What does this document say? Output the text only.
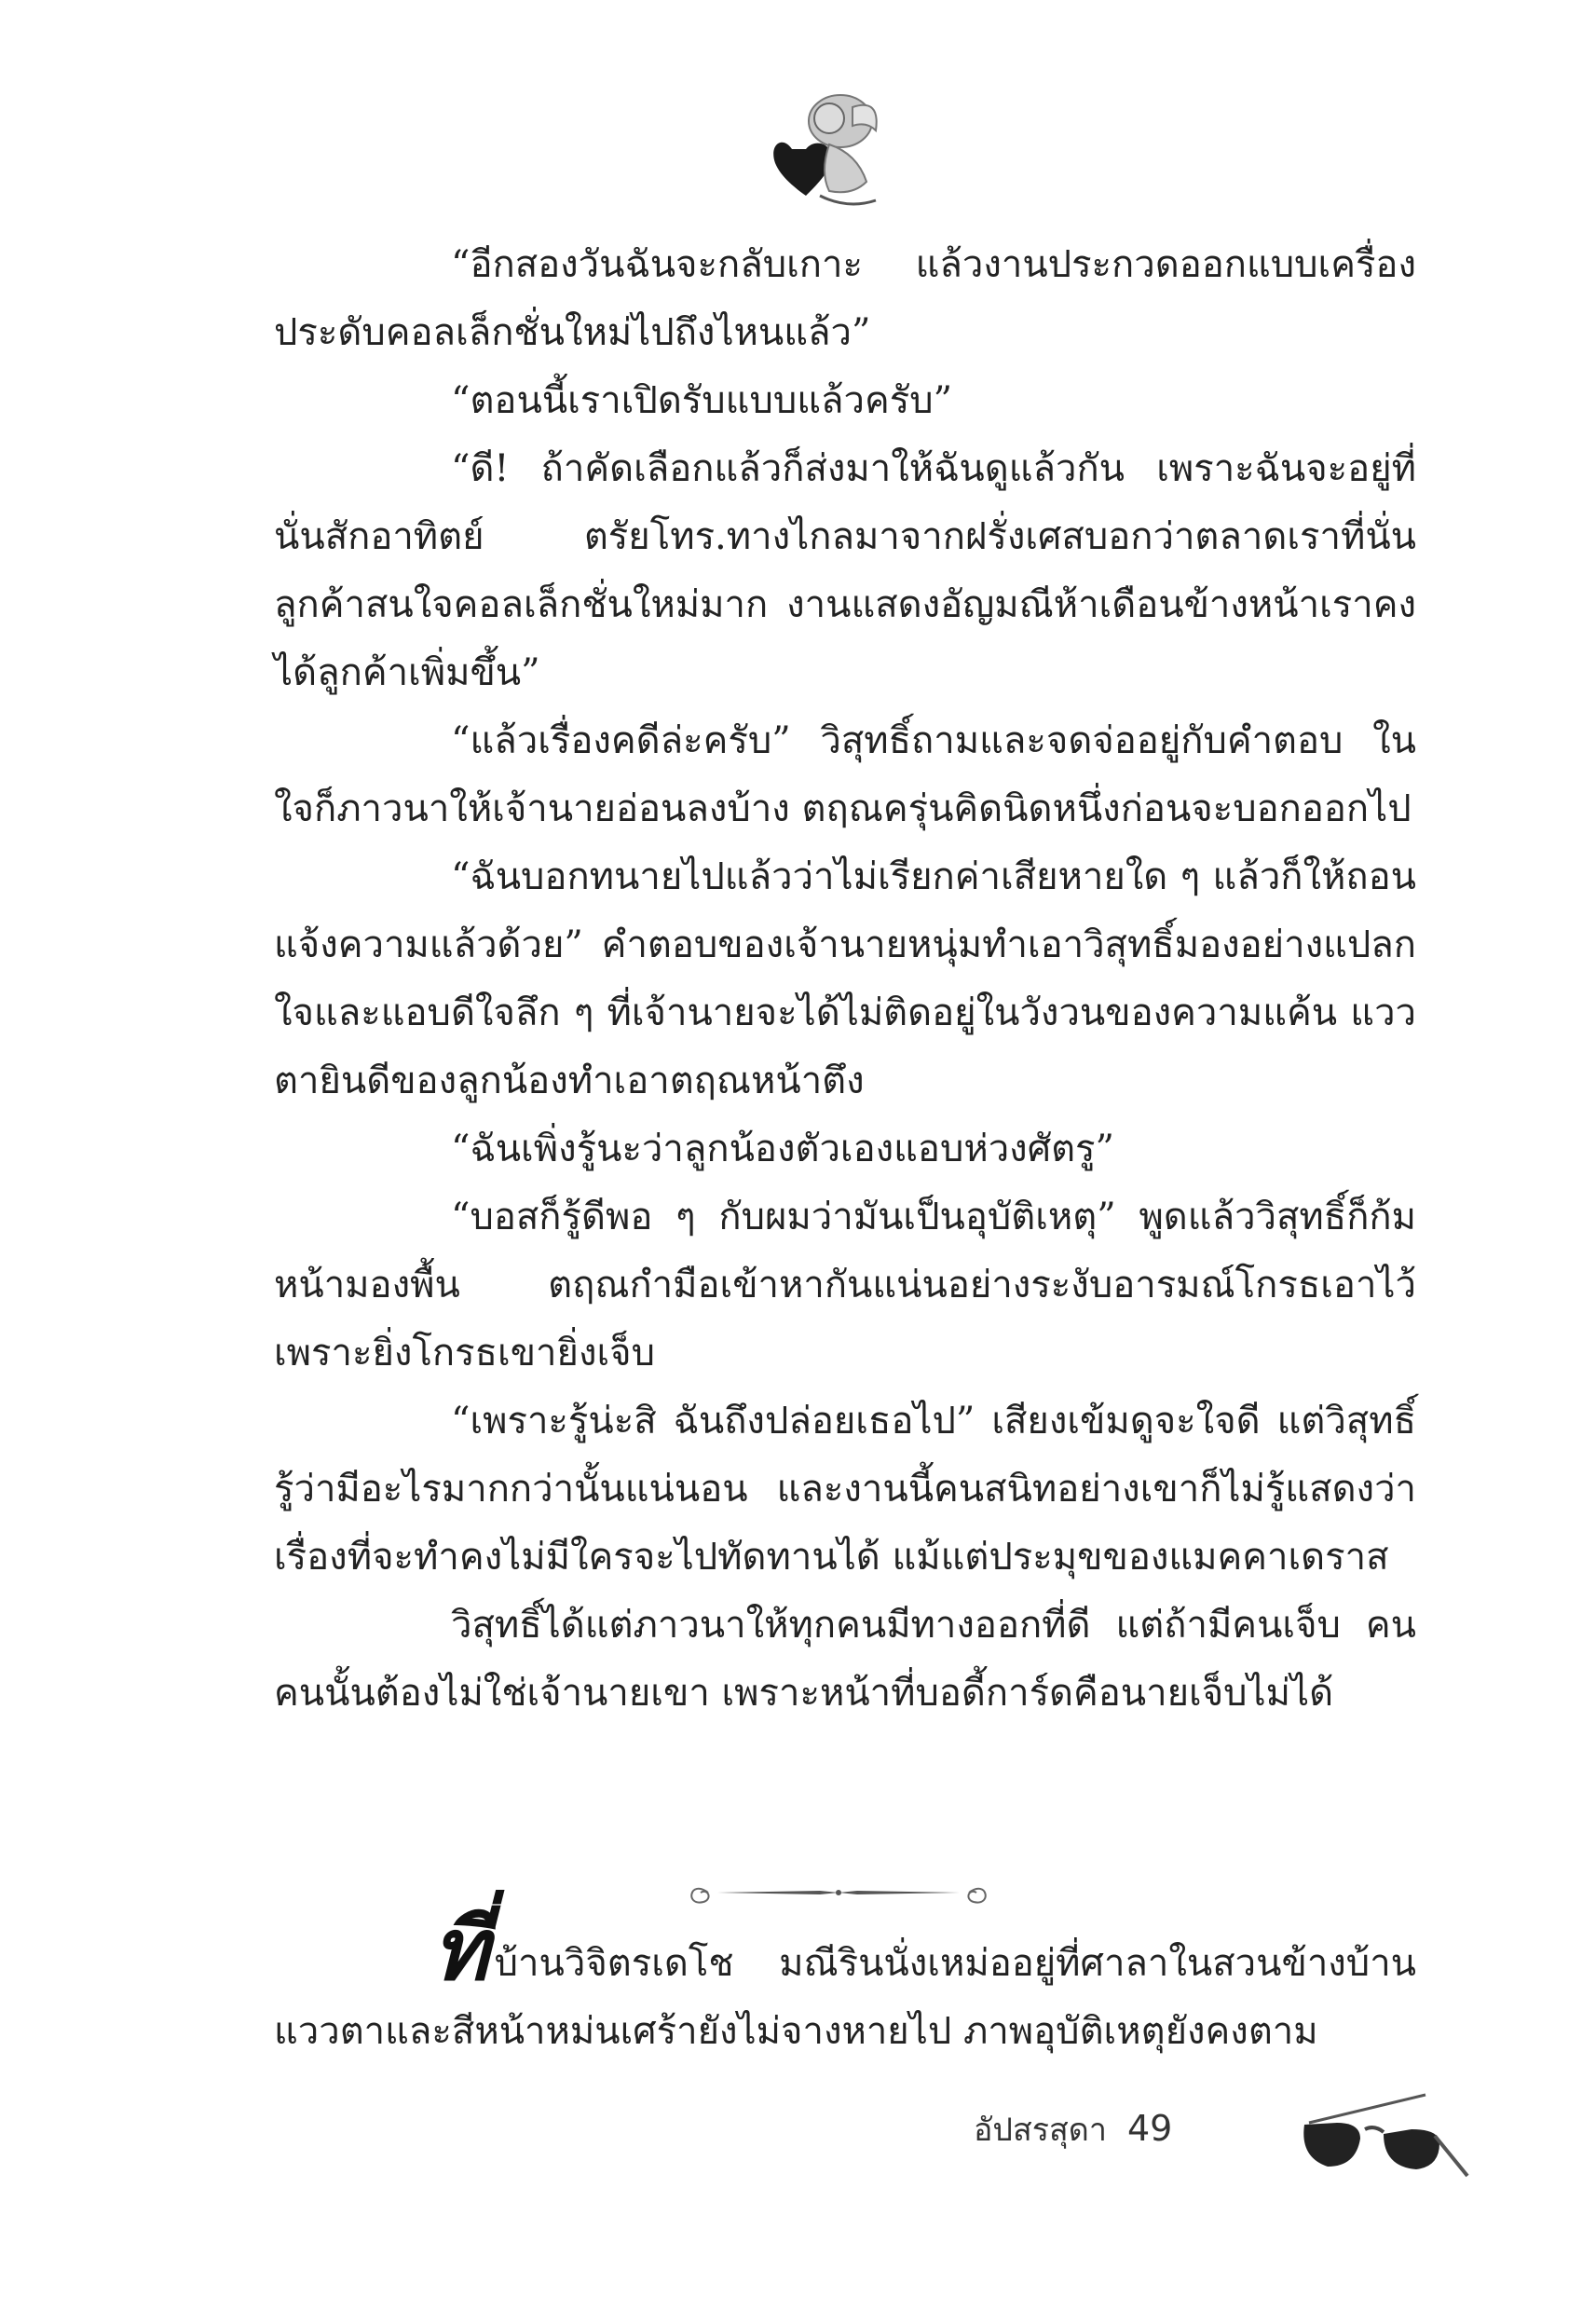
“อีกสองวันฉันจะกลับเกาะ แล้วงานประกวดออกแบบเครื่องประดับคอลเล็กชั่นใหม่ไปถึงไหนแล้ว”

“ตอนนี้เราเปิดรับแบบแล้วครับ”

“ดี! ถ้าคัดเลือกแล้วก็ส่งมาให้ฉันดูแล้วกัน เพราะฉันจะอยู่ที่นั่นสักอาทิตย์ ตรัยโทร.ทางไกลมาจากฝรั่งเศสบอกว่าตลาดเราที่นั่นลูกค้าสนใจคอลเล็กชั่นใหม่มาก งานแสดงอัญมณีห้าเดือนข้างหน้าเราคงได้ลูกค้าเพิ่มขึ้น”

“แล้วเรื่องคดีล่ะครับ” วิสุทธิ์ถามและจดจ่ออยู่กับคำตอบ ในใจก็ภาวนาให้เจ้านายอ่อนลงบ้าง ตฤณครุ่นคิดนิดหนึ่งก่อนจะบอกออกไป

“ฉันบอกทนายไปแล้วว่าไม่เรียกค่าเสียหายใด ๆ แล้วก็ให้ถอนแจ้งความแล้วด้วย” คำตอบของเจ้านายหนุ่มทำเอาวิสุทธิ์มองอย่างแปลกใจและแอบดีใจลึก ๆ ที่เจ้านายจะได้ไม่ติดอยู่ในวังวนของความแค้น แววตายินดีของลูกน้องทำเอาตฤณหน้าตึง

“ฉันเพิ่งรู้นะว่าลูกน้องตัวเองแอบห่วงศัตรู”

“บอสก็รู้ดีพอ ๆ กับผมว่ามันเป็นอุบัติเหตุ” พูดแล้ววิสุทธิ์ก็ก้มหน้ามองพื้น ตฤณกำมือเข้าหากันแน่นอย่างระงับอารมณ์โกรธเอาไว้ เพราะยิ่งโกรธเขายิ่งเจ็บ

“เพราะรู้น่ะสิ ฉันถึงปล่อยเธอไป” เสียงเข้มดูจะใจดี แต่วิสุทธิ์รู้ว่ามีอะไรมากกว่านั้นแน่นอน และงานนี้คนสนิทอย่างเขาก็ไม่รู้แสดงว่าเรื่องที่จะทำคงไม่มีใครจะไปทัดทานได้ แม้แต่ประมุขของแมคคาเดราส

วิสุทธิ์ได้แต่ภาวนาให้ทุกคนมีทางออกที่ดี แต่ถ้ามีคนเจ็บ คนคนนั้นต้องไม่ใช่เจ้านายเขา เพราะหน้าที่บอดี้การ์ดคือนายเจ็บไม่ได้

ที่บ้านวิจิตรเดโช มณีรินนั่งเหม่ออยู่ที่ศาลาในสวนข้างบ้าน แววตาและสีหน้าหม่นเศร้ายังไม่จางหายไป ภาพอุบัติเหตุยังคงตาม

อัปสรสุดา 49
